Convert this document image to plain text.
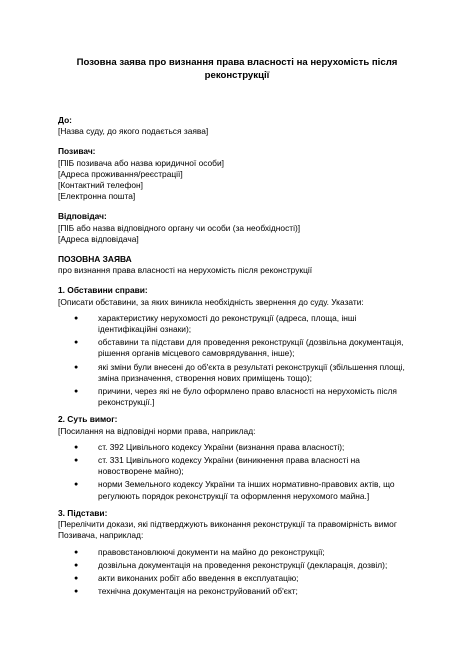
Позовна заява про визнання права власності на нерухомість після реконструкції
До:
[Назва суду, до якого подається заява]
Позивач:
[ПІБ позивача або назва юридичної особи]
[Адреса проживання/реєстрації]
[Контактний телефон]
[Електронна пошта]
Відповідач:
[ПІБ або назва відповідного органу чи особи (за необхідності)]
[Адреса відповідача]
ПОЗОВНА ЗАЯВА
про визнання права власності на нерухомість після реконструкції
1. Обставини справи:
[Описати обставини, за яких виникла необхідність звернення до суду. Указати:
● характеристику нерухомості до реконструкції (адреса, площа, інші ідентифікаційні ознаки);
● обставини та підстави для проведення реконструкції (дозвільна документація, рішення органів місцевого самоврядування, інше);
● які зміни були внесені до об'єкта в результаті реконструкції (збільшення площі, зміна призначення, створення нових приміщень тощо);
● причини, через які не було оформлено право власності на нерухомість після реконструкції.]
2. Суть вимог:
[Посилання на відповідні норми права, наприклад:
● ст. 392 Цивільного кодексу України (визнання права власності);
● ст. 331 Цивільного кодексу України (виникнення права власності на новостворене майно);
● норми Земельного кодексу України та інших нормативно-правових актів, що регулюють порядок реконструкції та оформлення нерухомого майна.]
3. Підстави:
[Перелічити докази, які підтверджують виконання реконструкції та правомірність вимог Позивача, наприклад:
● правовстановлюючі документи на майно до реконструкції;
● дозвільна документація на проведення реконструкції (декларація, дозвіл);
● акти виконаних робіт або введення в експлуатацію;
● технічна документація на реконструйований об'єкт;
